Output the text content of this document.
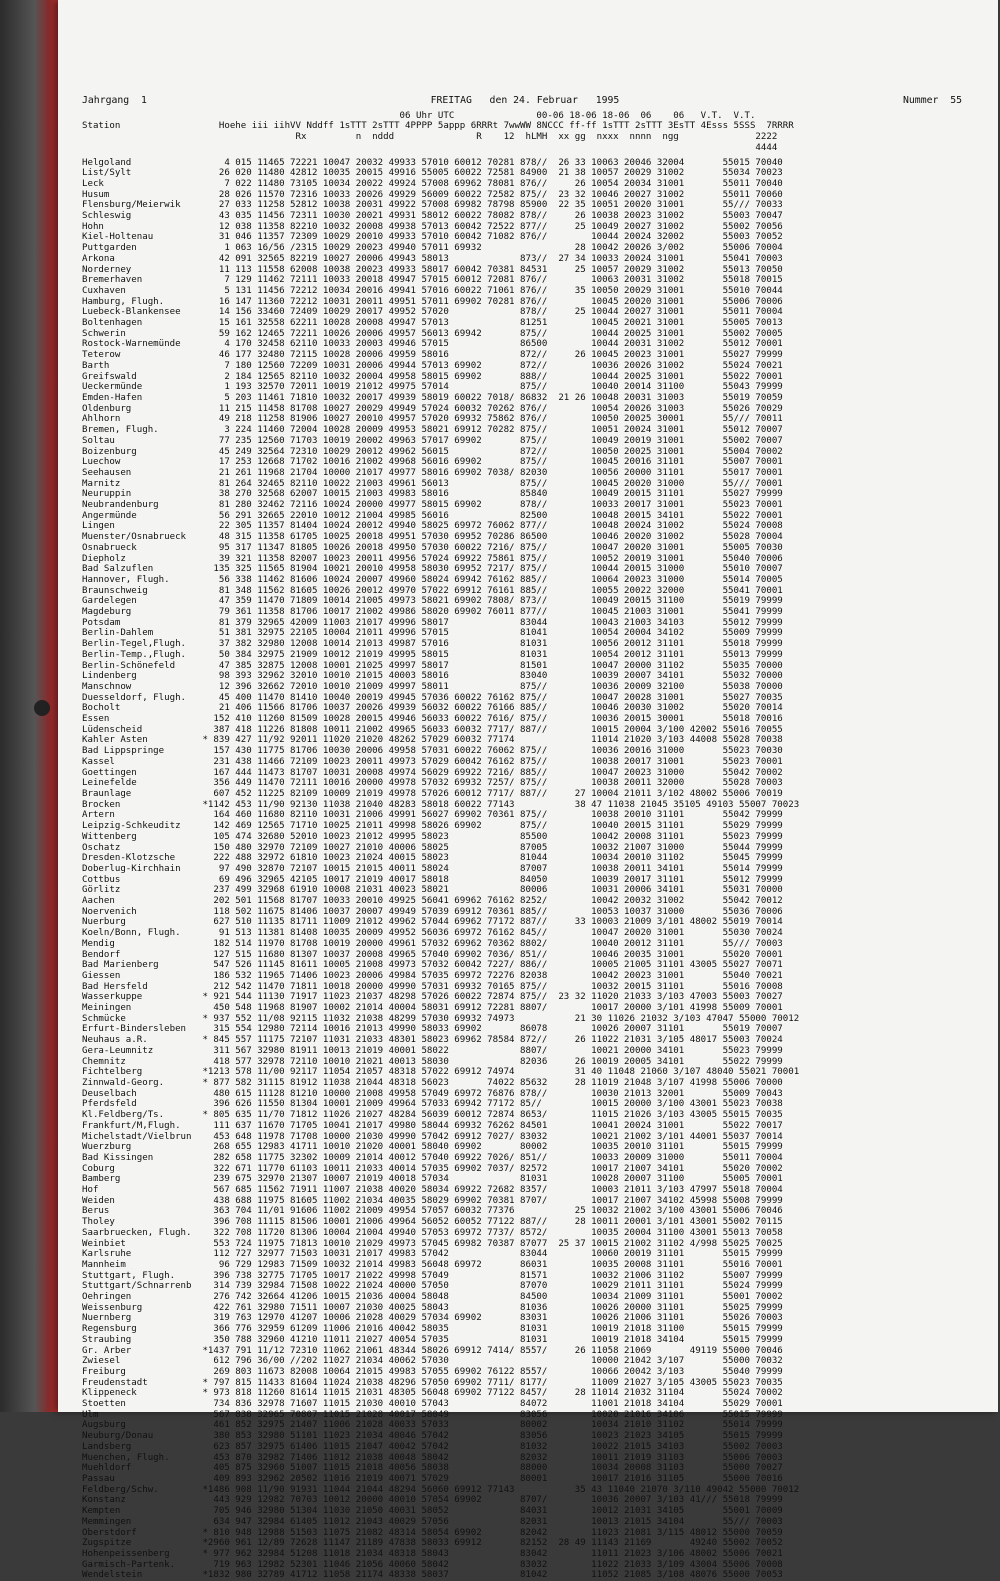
Jahrgang  1	FREITAG   den 24. Februar   1995	Nummer  55
06 Uhr UTC               00-06 18-06 18-06  06    06   V.T.  V.T.
Station                  Hoehe iii iihVV Nddff 1sTTT 2sTTT 4PPPP 5appp 6RRRt 7wwWW 8NCCC ff-ff 1sTTT 2sTTT 3EsTT 4Esss 5SSS  7RRRR
Rx         n  nddd               R    12  hLMH  xx gg  nxxx  nnnn  ngg              2222
4444
Helgoland                 4 015 11465 72221 10047 20032 49933 57010 60012 70281 878//  26 33 10063 20046 32004       55015 70040
List/Sylt                26 020 11480 42812 10035 20015 49916 55005 60022 72581 84900  21 38 10057 20029 31002       55034 70023
Leck                      7 022 11480 73105 10034 20022 49924 57008 69962 78081 876//     26 10054 20034 31001       55011 70040
Husum                    28 026 11570 72316 10033 20026 49929 56009 60022 72582 875//  23 32 10046 20027 31002       55011 70060
Flensburg/Meierwik       27 033 11258 52812 10038 20031 49922 57008 69982 78798 85900  22 35 10051 20020 31001       55/// 70033
Schleswig                43 035 11456 72311 10030 20021 49931 58012 60022 78082 878//     26 10038 20023 31002       55003 70047
Hohn                     12 038 11358 82210 10032 20008 49938 57013 60042 72522 877//     25 10049 20027 31002       55002 70056
Kiel-Holtenau            31 046 11357 72309 10029 20010 49933 57010 60042 71082 876//        10044 20024 32002       55003 70052
Puttgarden                1 063 16/56 /2315 10029 20023 49940 57011 69932                 28 10042 20026 3/002       55006 70004
Arkona                   42 091 32565 82219 10027 20006 49943 58013             873//  27 34 10033 20024 31001       55041 70003
Norderney                11 113 11558 62008 10038 20023 49933 58017 60042 70381 84531     25 10057 20029 31002       55013 70050
Bremerhaven               7 129 11462 72111 10033 20018 49947 57015 60012 72081 876//        10063 20031 31002       55018 70015
Cuxhaven                  5 131 11456 72212 10034 20016 49941 57016 60022 71061 876//     35 10050 20029 31001       55010 70044
Hamburg, Flugh.          16 147 11360 72212 10031 20011 49951 57011 69902 70281 876//        10045 20020 31001       55006 70006
Luebeck-Blankensee       14 156 33460 72409 10029 20017 49952 57020             878//     25 10044 20027 31001       55011 70004
Boltenhagen              15 161 32558 62211 10028 20008 49947 57013             81251        10045 20021 31001       55005 70013
Schwerin                 59 162 12465 72211 10026 20006 49957 56013 69942       875//        10044 20025 31001       55002 70005
Rostock-Warnemünde        4 170 32458 62110 10033 20003 49946 57015             86500        10044 20031 31002       55012 70001
Teterow                  46 177 32480 72115 10028 20006 49959 58016             872//     26 10045 20023 31001       55027 79999
Barth                     7 180 12560 72209 10031 20006 49944 57013 69902       872//        10036 20026 31002       55024 70021
Greifswald                2 184 12565 82110 10032 20004 49958 58015 69902       888//        10044 20025 31001       55022 70001
Ueckermünde               1 193 32570 72011 10019 21012 49975 57014             875//        10040 20014 31100       55043 79999
Emden-Hafen               5 203 11461 71810 10032 20017 49939 58019 60022 7018/ 86832  21 26 10048 20031 31003       55019 70059
Oldenburg                11 215 11458 81708 10027 20029 49949 57024 60032 70262 876//        10054 20026 31003       55026 70029
Ahlhorn                  49 218 11258 81906 10027 20010 49957 57020 69932 75862 876//        10050 20025 30001       55/// 70011
Bremen, Flugh.            3 224 11460 72004 10028 20009 49953 58021 69912 70282 875//        10051 20024 31001       55012 70007
Soltau                   77 235 12560 71703 10019 20002 49963 57017 69902       875//        10049 20019 31001       55002 70007
Boizenburg               45 249 32564 72310 10029 20012 49962 56015             872//        10050 20025 31001       55004 70002
Luechow                  17 253 12668 71702 10016 21002 49968 56016 69902       875//        10045 20016 31101       55007 70001
Seehausen                21 261 11968 21704 10000 21017 49977 58016 69902 7038/ 82030        10056 20000 31101       55017 70001
Marnitz                  81 264 32465 82110 10022 21003 49961 56013             875//        10045 20020 31000       55/// 70001
Neuruppin                38 270 32568 62007 10015 21003 49983 58016             85840        10049 20015 31101       55027 79999
Neubrandenburg           81 280 32462 72116 10024 20000 49977 58015 69902       878//        10033 20017 31001       55023 70001
Angermünde               56 291 32665 22010 10012 21004 49985 56016             82500        10048 20015 34101       55022 70001
Lingen                   22 305 11357 81404 10024 20012 49940 58025 69972 76062 877//        10048 20024 31002       55024 70008
Muenster/Osnabrueck      48 315 11358 61705 10025 20018 49951 57030 69952 70286 86500        10046 20020 31002       55028 70004
Osnabrueck               95 317 11347 81805 10026 20018 49950 57030 60022 7216/ 875//        10047 20020 31001       55005 70030
Diepholz                 39 321 11358 82007 10023 20011 49956 57024 69922 75861 875//        10052 20019 31001       55040 70006
Bad Salzuflen           135 325 11565 81904 10021 20010 49958 58030 69952 7217/ 875//        10044 20015 31000       55010 70007
Hannover, Flugh.         56 338 11462 81606 10024 20007 49960 58024 69942 76162 885//        10064 20023 31000       55014 70005
Braunschweig             81 348 11562 81605 10026 20012 49970 57022 69912 76161 885//        10055 20022 32000       55041 70001
Gardelegen               47 359 11470 71809 10014 21005 49973 58021 69902 7808/ 873//        10049 20015 31100       55019 79999
Magdeburg                79 361 11358 81706 10017 21002 49986 58020 69902 76011 877//        10045 21003 31001       55041 79999
Potsdam                  81 379 32965 42009 11003 21017 49996 58017             83044        10043 21003 34103       55012 79999
Berlin-Dahlem            51 381 32975 22105 10004 21011 49996 57015             81041        10054 20004 34102       55009 79999
Berlin-Tegel,Flugh.      37 382 32980 12008 10014 21013 49987 57016             81031        10056 20012 31101       55018 79999
Berlin-Temp.,Flugh.      50 384 32975 21909 10012 21019 49995 58015             81031        10054 20012 31101       55013 79999
Berlin-Schönefeld        47 385 32875 12008 10001 21025 49997 58017             81501        10047 20000 31102       55035 70000
Lindenberg               98 393 32962 32010 10010 21015 40003 58016             83040        10039 20007 34101       55032 70000
Manschnow                12 396 32662 72010 10010 21009 49997 58011             875//        10036 20009 32100       55038 70000
Duesseldorf, Flugh.      45 400 11470 81410 10040 20019 49945 57036 60022 76162 875//        10047 20028 31001       55027 70035
Bocholt                  21 406 11566 81706 10037 20026 49939 56032 60022 76166 885//        10046 20030 31002       55020 70014
Essen                   152 410 11260 81509 10028 20015 49946 56033 60022 7616/ 875//        10036 20015 30001       55018 70016
Lüdenscheid             387 418 11226 81808 10011 21002 49965 56033 60032 7717/ 887//        10015 20004 3/100 42002 55016 70055
Kahler Asten          * 839 427 11/92 92011 11020 21020 48262 57029 60032 77174              11014 21020 3/103 44008 55028 70038
Bad Lippspringe         157 430 11775 81706 10030 20006 49958 57031 60022 76062 875//        10036 20016 31000       55023 70030
Kassel                  231 438 11466 72109 10023 20011 49973 57029 60042 76162 875//        10038 20017 31001       55023 70001
Goettingen              167 444 11473 81707 10031 20008 49974 56029 69922 7216/ 885//        10047 20023 31000       55042 70002
Leinefelde              356 449 11470 72111 10016 20000 49978 57032 69932 7257/ 875//        10038 20011 32000       55028 70003
Braunlage               607 452 11225 82109 10009 21019 49978 57026 60012 7717/ 887//     27 10004 21011 3/102 48002 55006 70019
Brocken               *1142 453 11/90 92130 11038 21040 48283 58018 60022 77143           38 47 11038 21045 35105 49103 55007 70023
Artern                  164 460 11680 82110 10031 21006 49991 56027 69902 70361 875//        10038 20010 31101       55042 79999
Leipzig-Schkeuditz      142 469 12565 71710 10025 21011 49998 58026 69902       875//        10040 20015 31101       55029 79999
Wittenberg              105 474 32680 52010 10023 21012 49995 58023             85500        10042 20008 31101       55023 79999
Oschatz                 150 480 32970 72109 10027 21010 40006 58025             87005        10032 21007 31000       55044 79999
Dresden-Klotzsche       222 488 32972 61810 10023 21024 40015 58023             81044        10034 20010 31102       55045 79999
Doberlug-Kirchhain       97 490 32870 72107 10015 21015 40011 58024             87007        10038 20011 34101       55014 79999
Cottbus                  69 496 32965 42105 10017 21019 40017 58018             84050        10039 20017 31101       55012 79999
Görlitz                 237 499 32968 61910 10008 21031 40023 58021             80006        10031 20006 34101       55031 70000
Aachen                  202 501 11568 81707 10033 20010 49925 56041 69962 76162 8252/        10042 20032 31002       55042 70012
Noervenich              118 502 11675 81406 10037 20007 49949 57039 69912 70361 885//        10053 10037 31000       55036 70006
Nuerburg                627 510 11135 81711 11009 21012 49962 57044 69962 77172 887//     33 10003 21009 3/101 48002 55019 70014
Koeln/Bonn, Flugh.       91 513 11381 81408 10035 20009 49952 56036 69972 76162 845//        10047 20020 31001       55030 70024
Mendig                  182 514 11970 81708 10019 20000 49961 57032 69962 70362 8802/        10040 20012 31101       55/// 70003
Bendorf                 127 515 11680 81307 10037 20008 49965 57040 69902 7036/ 851//        10046 20035 31001       55020 70001
Bad Marienberg          547 526 11145 81611 10005 21008 49973 57032 60042 7227/ 886//        10005 21005 31101 43005 55027 70071
Giessen                 186 532 11965 71406 10023 20006 49984 57035 69972 72276 82038        10042 20023 31001       55040 70021
Bad Hersfeld            212 542 11470 71811 10018 20000 49990 57031 69932 70165 875//        10032 20015 31101       55016 70008
Wasserkuppe           * 921 544 11130 71917 11023 21037 48298 57026 60022 72874 875//  23 32 11020 21033 3/103 47003 55003 70027
Meiningen               450 548 11968 81907 10002 21014 40004 58031 69912 72281 8807/        10017 20000 3/101 41998 55009 70001
Schmücke              * 937 552 11/08 92115 11032 21038 48299 57030 69932 74973           21 30 11026 21032 3/103 47047 55000 70012
Erfurt-Bindersleben     315 554 12980 72114 10016 21013 49990 58033 69902       86078        10026 20007 31101       55019 70007
Neuhaus a.R.          * 845 557 11175 72107 11031 21033 48301 58023 69962 78584 872//     26 11022 21031 3/105 48017 55003 70024
Gera-Leumnitz           311 567 32980 81911 10013 21019 40001 58022             8807/        10021 20000 34101       55023 79999
Chemnitz                418 577 32978 72110 10010 21021 40013 58030             82036     26 10019 20005 34101       55022 79999
Fichtelberg           *1213 578 11/00 92117 11054 21057 48318 57022 69912 74974           31 40 11048 21060 3/107 48040 55021 70001
Zinnwald-Georg.       * 877 582 31115 81912 11038 21044 48318 56023       74022 85632     28 11019 21048 3/107 41998 55006 70000
Deuselbach              480 615 11128 81210 10000 21008 49958 57049 69972 76876 878//        10030 21013 32001       55009 70043
Pferdsfeld              396 626 11550 81304 10001 21009 49964 57033 69942 77172 85//         10015 20000 3/100 43001 55023 70038
Kl.Feldberg/Ts.       * 805 635 11/70 71812 11026 21027 48284 56039 60012 72874 8653/        11015 21026 3/103 43005 55015 70035
Frankfurt/M,Flugh.      111 637 11670 71705 10041 21017 49980 58044 69932 76262 84501        10041 20024 31001       55022 70017
Michelstadt/Vielbrun    453 648 11978 71708 10000 21030 49990 57042 69912 7027/ 83032        10021 21002 3/101 44001 55037 70014
Wuerzburg               268 655 12983 41711 10010 21020 40001 58040 69902       80002        10035 20010 31101       55015 79999
Bad Kissingen           282 658 11775 32302 10009 21014 40012 57040 69922 7026/ 851//        10033 20009 31000       55011 70004
Coburg                  322 671 11770 61103 10011 21033 40014 57035 69902 7037/ 82572        10017 21007 34101       55020 70002
Bamberg                 239 675 32970 21307 10007 21019 40018 57034             81031        10028 20007 31100       55005 70001
Hof                     567 685 11562 71911 11007 21038 40020 58034 69922 72682 8357/        10003 21011 3/103 47997 55018 70004
Weiden                  438 688 11975 81605 11002 21034 40035 58029 69902 70381 8707/        10017 21007 34102 45998 55008 79999
Berus                   363 704 11/01 91606 11002 21009 49954 57057 60032 77376           25 10032 21002 3/100 43001 55006 70046
Tholey                  396 708 11115 81506 10001 21006 49964 56052 60052 77122 887//     28 10011 20001 3/101 43001 55002 70115
Saarbruecken, Flugh.    322 708 11720 81306 10004 21004 49940 57053 69972 7737/ 8572/        10035 20004 31100 43001 55013 70058
Weinbiet                553 724 11975 71813 10010 21029 49973 57045 69982 70387 87077  25 37 10015 21002 31102 4/998 55025 70025
Karlsruhe               112 727 32977 71503 10031 21017 49983 57042             83044        10060 20019 31101       55015 79999
Mannheim                 96 729 12983 71509 10032 21014 49983 56048 69972       86031        10035 20008 31101       55016 70001
Stuttgart, Flugh.       396 738 32775 71705 10017 21022 49998 57049             81571        10032 21006 31102       55007 79999
Stuttgart/Schnarrenb    314 739 32984 71508 10022 21024 40000 57050             87070        10029 21011 31101       55024 79999
Oehringen               276 742 32664 41206 10015 21036 40004 58048             84500        10034 21009 31101       55001 70002
Weissenburg             422 761 32980 71511 10007 21030 40025 58043             81036        10026 20000 31101       55025 79999
Nuernberg               319 763 12970 41207 10006 21028 40029 57034 69902       83031        10026 21006 31101       55026 70003
Regensburg              366 776 32959 61209 11006 21016 40042 58035             81031        10019 21018 31100       55015 79999
Straubing               350 788 32960 41210 11011 21027 40054 57035             81031        10019 21018 34104       55015 79999
Gr. Arber             *1437 791 11/12 72310 11062 21061 48344 58026 69912 7414/ 8557/     26 11058 21069       49119 55000 70046
Zwiesel                 612 796 36/00 //202 11027 21034 40062 57030                          10000 21042 3/107       55000 70032
Freiburg                269 803 11673 82008 10064 21015 49983 57055 69902 76122 8557/        10066 20042 3/103       55040 79999
Freudenstadt          * 797 815 11433 81604 11024 21038 48296 57050 69902 7711/ 8177/        11009 21027 3/105 43005 55023 70035
Klippeneck            * 973 818 11260 81614 11015 21031 48305 56048 69902 77122 8457/     28 11014 21032 31104       55024 70002
Stoetten                734 836 32978 71607 11015 21030 40010 57043             84072        11001 21018 34104       55029 70001
Ulm                     567 838 32965 70807 11015 21028 40017 58049             83056        10020 21016 34106       55015 79999
Augsburg                461 852 32975 21407 11006 21028 40033 57033             80002        10034 21010 31102       55014 79999
Neuburg/Donau           380 853 32980 51101 11023 21034 40046 57042             83056        10023 21023 34105       55015 79999
Landsberg               623 857 32975 61406 11015 21047 40042 57042             81032        10022 21015 34103       55002 70003
Muenchen, Flugh.        453 870 32982 71406 11012 21038 40048 58042             82032        10011 21019 31103       55006 70003
Muehldorf               405 875 32960 51007 11015 21018 40056 58038             88000        10034 20008 31103       55000 70027
Passau                  409 893 32962 20502 11016 21019 40071 57029             80001        10017 21016 31105       55000 70016
Feldberg/Schw.        *1486 908 11/90 91931 11044 21044 48294 56060 69912 77143           35 43 11040 21070 3/110 49042 55000 70012
Konstanz                443 929 12982 70703 10012 20000 40010 57054 69902       8707/        10036 20007 3/103 41/// 55018 79999
Kempten                 705 946 32980 51304 11030 21050 40031 58052             84031        10012 21031 34105       55001 70009
Memmingen               634 947 32984 61405 11012 21043 40029 57056             82031        10013 21015 34104       55/// 70003
Oberstdorf            * 810 948 12988 51503 11075 21082 48314 58054 69902       82042        11023 21081 3/115 48012 55000 70059
Zugspitze             *2960 961 12/89 72628 11147 21189 47838 58033 69912       82152  28 49 11143 21169       49240 55002 70052
Hohenpeissenberg      * 977 962 32984 51208 11018 21034 48318 58043             83042        11011 21023 3/106 48002 55006 70021
Garmisch-Partenk.       719 963 12982 52301 11046 21056 40060 58042             83032        11022 21033 3/109 43004 55006 70008
Wendelstein           *1832 980 32789 41712 11058 21174 48338 58037             81042        11052 21085 3/108 48076 55000 70053
